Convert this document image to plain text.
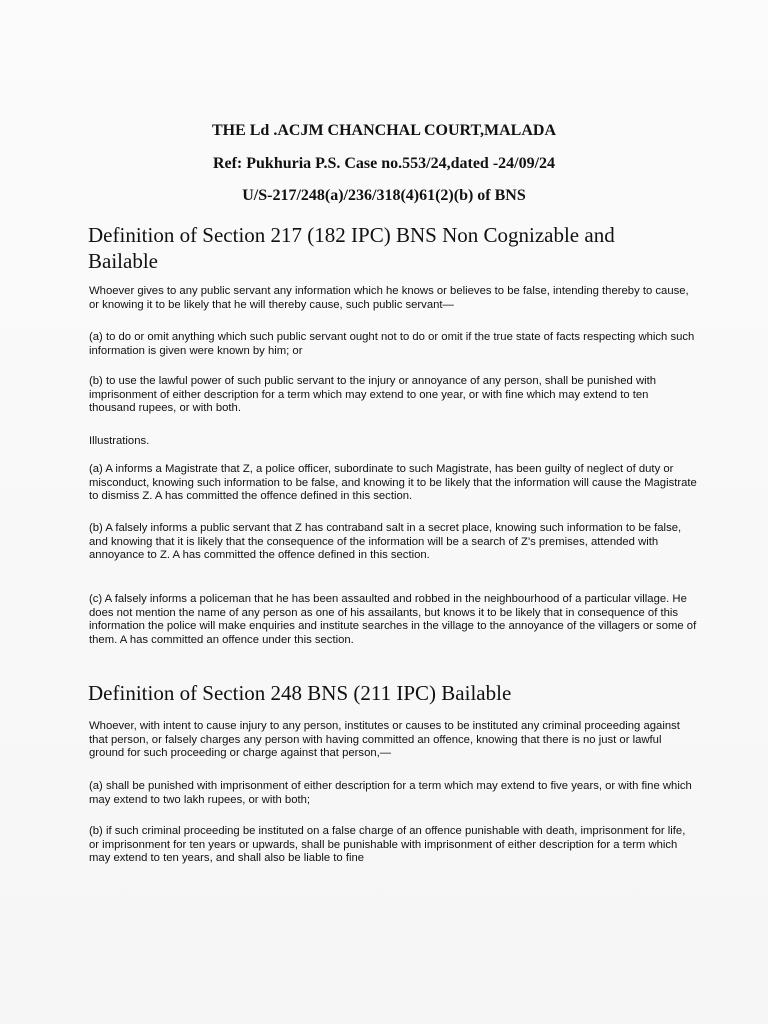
THE Ld .ACJM CHANCHAL COURT,MALADA
Ref: Pukhuria P.S. Case no.553/24,dated -24/09/24
U/S-217/248(a)/236/318(4)61(2)(b) of BNS
Definition of Section 217 (182 IPC) BNS Non Cognizable and Bailable
Whoever gives to any public servant any information which he knows or believes to be false, intending thereby to cause, or knowing it to be likely that he will thereby cause, such public servant—
(a) to do or omit anything which such public servant ought not to do or omit if the true state of facts respecting which such information is given were known by him; or
(b) to use the lawful power of such public servant to the injury or annoyance of any person, shall be punished with imprisonment of either description for a term which may extend to one year, or with fine which may extend to ten thousand rupees, or with both.
Illustrations.
(a) A informs a Magistrate that Z, a police officer, subordinate to such Magistrate, has been guilty of neglect of duty or misconduct, knowing such information to be false, and knowing it to be likely that the information will cause the Magistrate to dismiss Z. A has committed the offence defined in this section.
(b) A falsely informs a public servant that Z has contraband salt in a secret place, knowing such information to be false, and knowing that it is likely that the consequence of the information will be a search of Z's premises, attended with annoyance to Z. A has committed the offence defined in this section.
(c) A falsely informs a policeman that he has been assaulted and robbed in the neighbourhood of a particular village. He does not mention the name of any person as one of his assailants, but knows it to be likely that in consequence of this information the police will make enquiries and institute searches in the village to the annoyance of the villagers or some of them. A has committed an offence under this section.
Definition of Section 248 BNS (211 IPC) Bailable
Whoever, with intent to cause injury to any person, institutes or causes to be instituted any criminal proceeding against that person, or falsely charges any person with having committed an offence, knowing that there is no just or lawful ground for such proceeding or charge against that person,—
(a) shall be punished with imprisonment of either description for a term which may extend to five years, or with fine which may extend to two lakh rupees, or with both;
(b) if such criminal proceeding be instituted on a false charge of an offence punishable with death, imprisonment for life, or imprisonment for ten years or upwards, shall be punishable with imprisonment of either description for a term which may extend to ten years, and shall also be liable to fine
